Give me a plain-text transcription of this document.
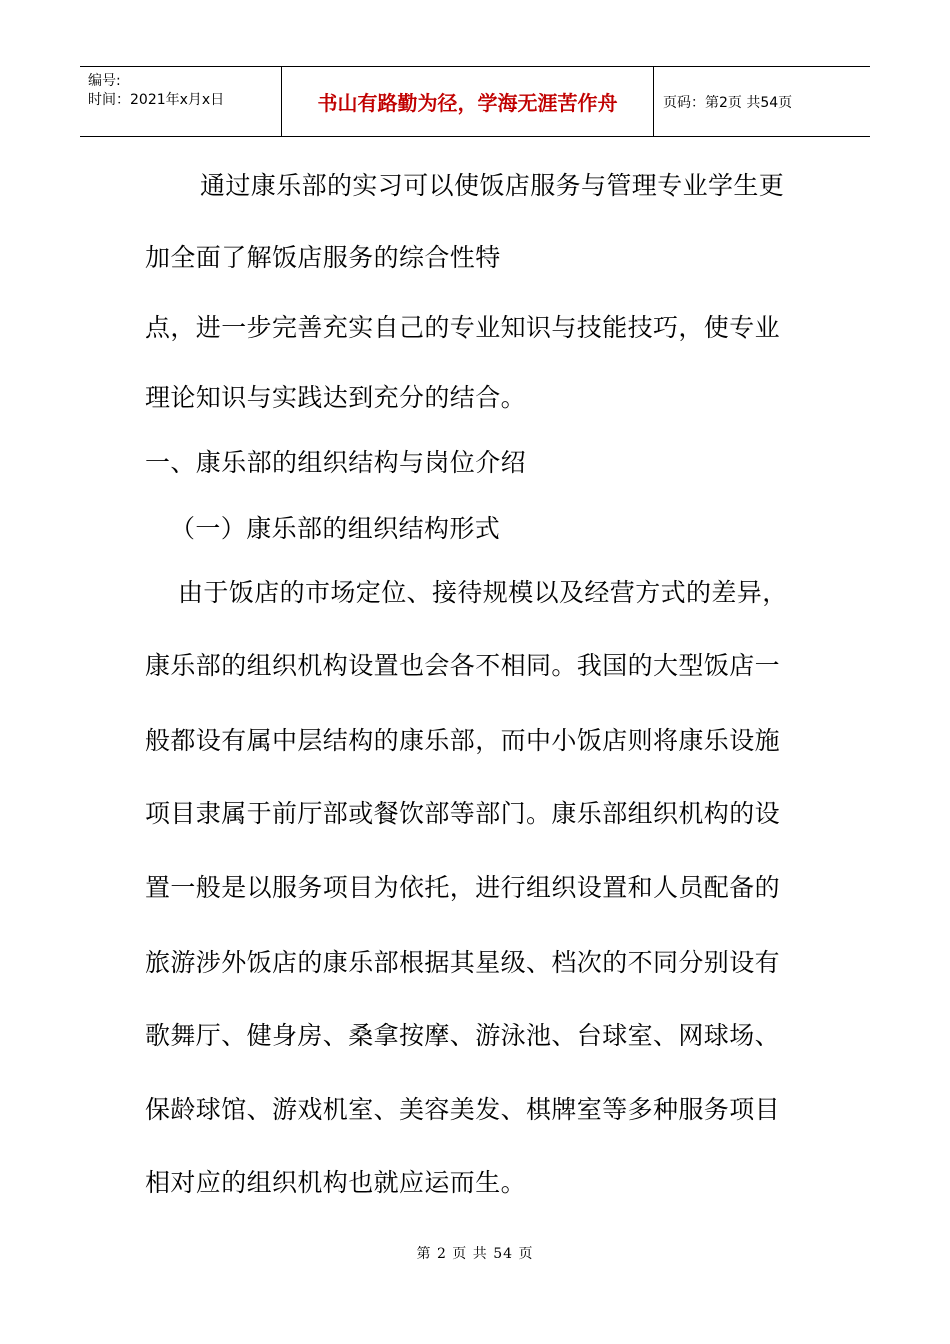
编号:
时间：2021年x月x日	书山有路勤为径，学海无涯苦作舟	页码：第2页 共54页
通过康乐部的实习可以使饭店服务与管理专业学生更
加全面了解饭店服务的综合性特
点，进一步完善充实自己的专业知识与技能技巧，使专业
理论知识与实践达到充分的结合。
一、康乐部的组织结构与岗位介绍
（一）康乐部的组织结构形式
由于饭店的市场定位、接待规模以及经营方式的差异，
康乐部的组织机构设置也会各不相同。我国的大型饭店一
般都设有属中层结构的康乐部，而中小饭店则将康乐设施
项目隶属于前厅部或餐饮部等部门。康乐部组织机构的设
置一般是以服务项目为依托，进行组织设置和人员配备的
旅游涉外饭店的康乐部根据其星级、档次的不同分别设有
歌舞厅、健身房、桑拿按摩、游泳池、台球室、网球场、
保龄球馆、游戏机室、美容美发、棋牌室等多种服务项目
相对应的组织机构也就应运而生。
第 2 页 共 54 页
